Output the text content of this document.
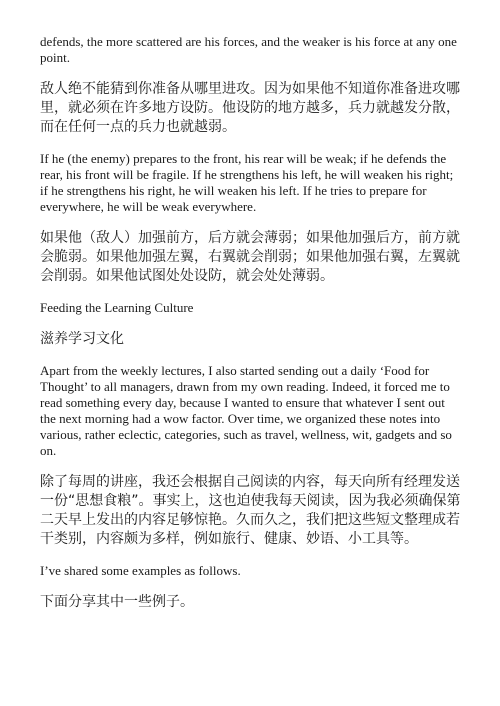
defends, the more scattered are his forces, and the weaker is his force at any one point.

敌人绝不能猜到你准备从哪里进攻。因为如果他不知道你准备进攻哪里，就必须在许多地方设防。他设防的地方越多，兵力就越发分散，而在任何一点的兵力也就越弱。

If he (the enemy) prepares to the front, his rear will be weak; if he defends the rear, his front will be fragile. If he strengthens his left, he will weaken his right; if he strengthens his right, he will weaken his left. If he tries to prepare for everywhere, he will be weak everywhere.

如果他（敌人）加强前方，后方就会薄弱；如果他加强后方，前方就会脆弱。如果他加强左翼，右翼就会削弱；如果他加强右翼，左翼就会削弱。如果他试图处处设防，就会处处薄弱。

Feeding the Learning Culture

滋养学习文化

Apart from the weekly lectures, I also started sending out a daily ‘Food for Thought’ to all managers, drawn from my own reading. Indeed, it forced me to read something every day, because I wanted to ensure that whatever I sent out the next morning had a wow factor. Over time, we organized these notes into various, rather eclectic, categories, such as travel, wellness, wit, gadgets and so on.

除了每周的讲座，我还会根据自己阅读的内容，每天向所有经理发送一份“思想食粮”。事实上，这也迫使我每天阅读，因为我必须确保第二天早上发出的内容足够惊艳。久而久之，我们把这些短文整理成若干类别，内容颇为多样，例如旅行、健康、妙语、小工具等。

I’ve shared some examples as follows.

下面分享其中一些例子。
